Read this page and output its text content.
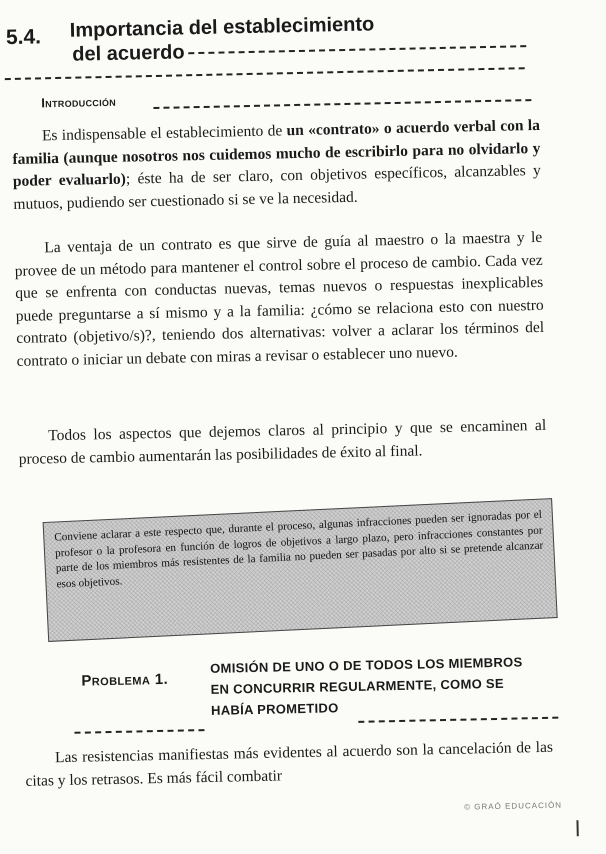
5.4. Importancia del establecimiento
del acuerdo
Introducción

Es indispensable el establecimiento de un «contrato» o acuerdo verbal con la familia (aunque nosotros nos cuidemos mucho de escribirlo para no olvidarlo y poder evaluarlo); éste ha de ser claro, con objetivos específicos, alcanzables y mutuos, pudiendo ser cuestionado si se ve la necesidad.

La ventaja de un contrato es que sirve de guía al maestro o la maestra y le provee de un método para mantener el control sobre el proceso de cambio. Cada vez que se enfrenta con conductas nuevas, temas nuevos o respuestas inexplicables puede preguntarse a sí mismo y a la familia: ¿cómo se relaciona esto con nuestro contrato (objetivo/s)?, teniendo dos alternativas: volver a aclarar los términos del contrato o iniciar un debate con miras a revisar o establecer uno nuevo.

Todos los aspectos que dejemos claros al principio y que se encaminen al proceso de cambio aumentarán las posibilidades de éxito al final.

Conviene aclarar a este respecto que, durante el proceso, algunas infracciones pueden ser ignoradas por el profesor o la profesora en función de logros de objetivos a largo plazo, pero infracciones constantes por parte de los miembros más resistentes de la familia no pueden ser pasadas por alto si se pretende alcanzar esos objetivos.
Problema 1.
OMISIÓN DE UNO O DE TODOS LOS MIEMBROS
EN CONCURRIR REGULARMENTE, COMO SE
HABÍA PROMETIDO

Las resistencias manifiestas más evidentes al acuerdo son la cancelación de las citas y los retrasos. Es más fácil combatir

© GRAÓ EDUCACIÓN
